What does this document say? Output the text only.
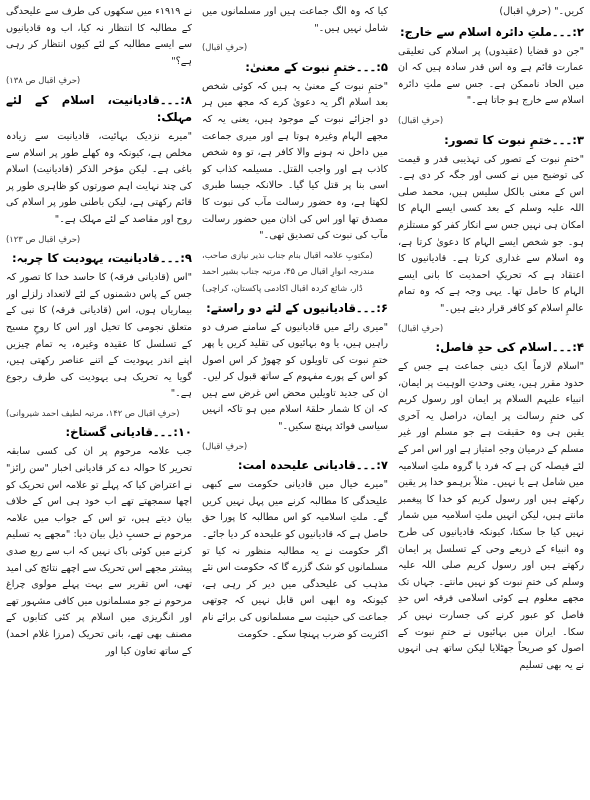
کریں۔" (حرفِ اقبال)

۲:۔۔۔ملتِ دائرہ اسلام سے خارج:

"جن دو قضایا (عقیدوں) پر اسلام کی تعلیقی عمارت قائم ہے وہ اس قدر سادہ ہیں کہ ان میں الحاد ناممکن ہے۔ جس سے ملتِ دائرہ اسلام سے خارج ہو جاتا ہے۔"

(حرفِ اقبال)
۳:۔۔۔ختمِ نبوت کا تصور:

"ختمِ نبوت کے تصور کی تہذیبی قدر و قیمت کی توضیح میں نے کسی اور جگہ کر دی ہے۔ اس کے معنی بالکل سلیس ہیں، محمد صلی اللہ علیہ وسلم کے بعد کسی ایسے الہام کا امکان ہی نہیں جس سے انکار کفر کو مستلزم ہو۔ جو شخص ایسے الہام کا دعویٰ کرتا ہے، وہ اسلام سے غداری کرتا ہے۔ قادیانیوں کا اعتقاد ہے کہ تحریکِ احمدیت کا بانی ایسے الہام کا حامل تھا۔ یہی وجہ ہے کہ وہ تمام عالمِ اسلام کو کافر قرار دیتے ہیں۔"

(حرفِ اقبال)
۴:۔۔۔اسلام کی حدِ فاصل:

"اسلام لازماً ایک دینی جماعت ہے جس کے حدود مقرر ہیں، یعنی وحدتِ الوہیت پر ایمان، انبیاء علیہم السلام پر ایمان اور رسول کریم کی ختمِ رسالت پر ایمان، دراصل یہ آخری یقین ہی وہ حقیقت ہے جو مسلم اور غیر مسلم کے درمیان وجہِ امتیاز ہے اور اس امر کے لئے فیصلہ کن ہے کہ فرد یا گروہ ملتِ اسلامیہ میں شامل ہے یا نہیں۔ مثلاً برہمو خدا پر یقین رکھتے ہیں اور رسول کریم کو خدا کا پیغمبر مانتے ہیں، لیکن انہیں ملتِ اسلامیہ میں شمار نہیں کیا جا سکتا، کیونکہ قادیانیوں کی طرح وہ انبیاء کے ذریعے وحی کے تسلسل پر ایمان رکھتے ہیں اور رسول کریم صلی اللہ علیہ وسلم کی ختمِ نبوت کو نہیں مانتے۔ جہاں تک مجھے معلوم ہے کوئی اسلامی فرقہ اس حدِ فاصل کو عبور کرنے کی جسارت نہیں کر سکا۔ ایران میں بہائیوں نے ختمِ نبوت کے اصول کو صریحاً جھٹلایا لیکن ساتھ ہی انہوں نے یہ بھی تسلیم

کیا کہ وہ الگ جماعت ہیں اور مسلمانوں میں شامل نہیں ہیں۔"

(حرفِ اقبال)
۵:۔۔۔ختمِ نبوت کے معنیٰ:

"ختمِ نبوت کے معنیٰ یہ ہیں کہ کوئی شخص بعد اسلام اگر یہ دعویٰ کرے کہ مجھ میں ہر دو اجزائے نبوت کے موجود ہیں، یعنی یہ کہ مجھے الہام وغیرہ ہوتا ہے اور میری جماعت میں داخل نہ ہونے والا کافر ہے، تو وہ شخص کاذب ہے اور واجب القتل۔ مسیلمہ کذاب کو اسی بنا پر قتل کیا گیا۔ حالانکہ جیسا طبری لکھتا ہے، وہ حضور رسالت مآب کی نبوت کا مصدق تھا اور اس کی اذان میں حضور رسالت مآب کی نبوت کی تصدیق تھی۔"

(مکتوبِ علامہ اقبال بنام جناب نذیر نیازی صاحب، مندرجہ انوارِ اقبال ص ۴۵، مرتبہ جناب بشیر احمد ڈار، شائع کردہ اقبال اکادمی پاکستان، کراچی)
۶:۔۔۔قادیانیوں کے لئے دو راستے:

"میری رائے میں قادیانیوں کے سامنے صرف دو راہیں ہیں، یا وہ بہائیوں کی تقلید کریں یا پھر ختمِ نبوت کی تاویلوں کو چھوڑ کر اس اصول کو اس کے پورے مفہوم کے ساتھ قبول کر لیں۔ ان کی جدید تاویلیں محض اس غرض سے ہیں کہ ان کا شمار حلقۂ اسلام میں ہو تاکہ انہیں سیاسی فوائد پہنچ سکیں۔"

(حرفِ اقبال)
۷:۔۔۔قادیانی علیحدہ امت:

"میرے خیال میں قادیانی حکومت سے کبھی علیحدگی کا مطالبہ کرنے میں پہل نہیں کریں گے۔ ملتِ اسلامیہ کو اس مطالبہ کا پورا حق حاصل ہے کہ قادیانیوں کو علیحدہ کر دیا جائے۔ اگر حکومت نے یہ مطالبہ منظور نہ کیا تو مسلمانوں کو شک گزرے گا کہ حکومت اس نئے مذہب کی علیحدگی میں دیر کر رہی ہے، کیونکہ وہ ابھی اس قابل نہیں کہ چوتھی جماعت کی حیثیت سے مسلمانوں کی برائے نام اکثریت کو ضرب پہنچا سکے۔ حکومت

نے ۱۹۱۹ء میں سکھوں کی طرف سے علیحدگی کے مطالبہ کا انتظار نہ کیا، اب وہ قادیانیوں سے ایسے مطالبہ کے لئے کیوں انتظار کر رہی ہے؟"

(حرفِ اقبال ص ۱۳۸)
۸:۔۔۔قادیانیت، اسلام کے لئے مہلک:

"میرے نزدیک بہائیت، قادیانیت سے زیادہ مخلص ہے، کیونکہ وہ کھلے طور پر اسلام سے باغی ہے۔ لیکن مؤخر الذکر (قادیانیت) اسلام کی چند نہایت اہم صورتوں کو ظاہری طور پر قائم رکھتی ہے، لیکن باطنی طور پر اسلام کی روح اور مقاصد کے لئے مہلک ہے۔"

(حرفِ اقبال ص ۱۲۳)
۹:۔۔۔قادیانیت، یہودیت کا چربہ:

"اس (قادیانی فرقہ) کا حاسد خدا کا تصور کہ جس کے پاس دشمنوں کے لئے لاتعداد زلزلے اور بیماریاں ہوں، اس (قادیانی فرقہ) کا نبی کے متعلق نجومی کا تخیل اور اس کا روحِ مسیح کے تسلسل کا عقیدہ وغیرہ، یہ تمام چیزیں اپنے اندر یہودیت کے اتنے عناصر رکھتی ہیں، گویا یہ تحریک ہی یہودیت کی طرف رجوع ہے۔"

(حرفِ اقبال ص ۱۴۲، مرتبہ لطیف احمد شیروانی)
۱۰:۔۔۔قادیانی گستاخ:

جب علامہ مرحوم پر ان کی کسی سابقہ تحریر کا حوالہ دے کر قادیانی اخبار "سن رائز" نے اعتراض کیا کہ پہلے تو علامہ اس تحریک کو اچھا سمجھتے تھے اب خود ہی اس کے خلاف بیان دیتے ہیں، تو اس کے جواب میں علامہ مرحوم نے حسبِ ذیل بیان دیا: "مجھے یہ تسلیم کرنے میں کوئی باک نہیں کہ اب سے ربع صدی پیشتر مجھے اس تحریک سے اچھے نتائج کی امید تھی، اس تقریر سے بہت پہلے مولوی چراغ مرحوم نے جو مسلمانوں میں کافی مشہور تھے اور انگریزی میں اسلام پر کئی کتابوں کے مصنف بھی تھے، بانی تحریک (مرزا غلام احمد) کے ساتھ تعاون کیا اور
